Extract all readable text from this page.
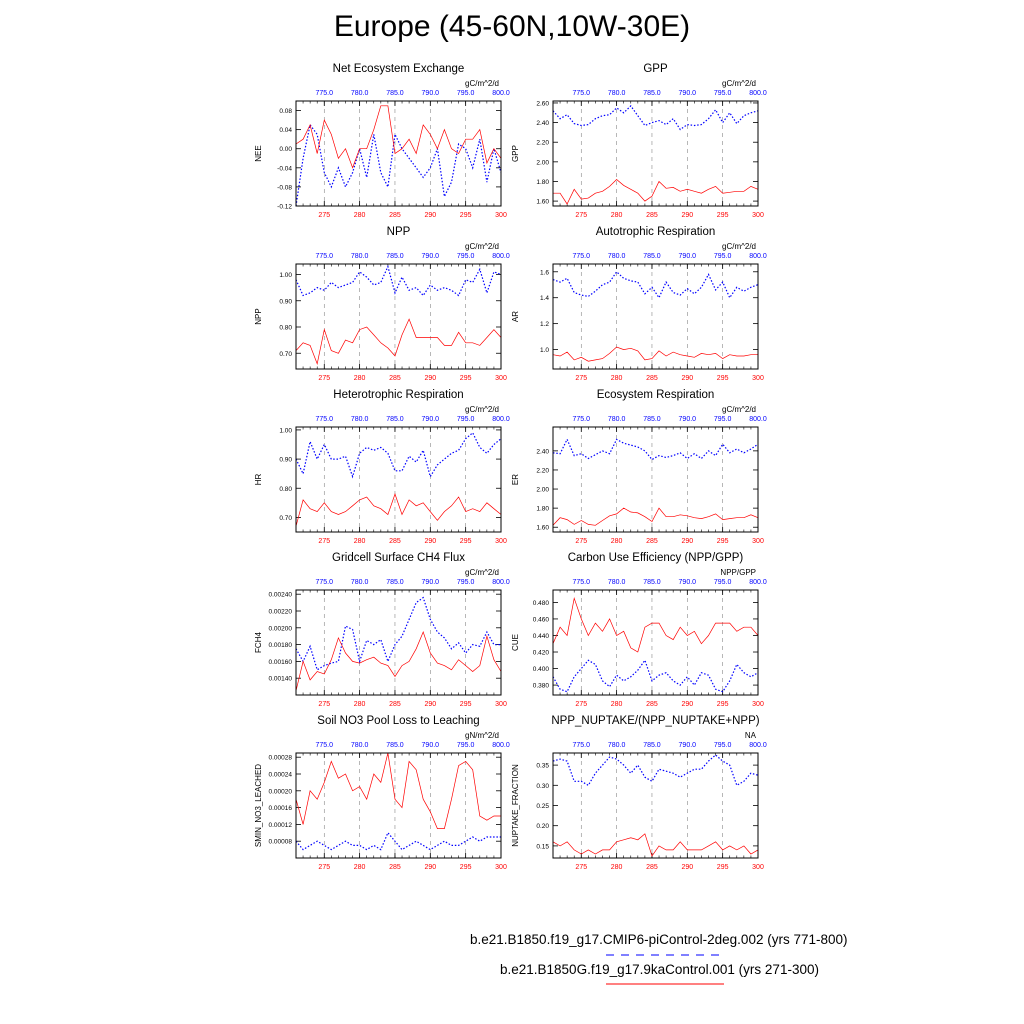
Europe (45-60N,10W-30E)
Net Ecosystem Exchange
gC/m^2/d
NEE
275	280	285	290	295	300
775.0	780.0	785.0	790.0	795.0	800.0
-0.12
-0.08
-0.04
0.00
0.04
0.08
GPP
gC/m^2/d
GPP
275	280	285	290	295	300
775.0	780.0	785.0	790.0	795.0	800.0
1.60
1.80
2.00
2.20
2.40
2.60
NPP
gC/m^2/d
NPP
275	280	285	290	295	300
775.0	780.0	785.0	790.0	795.0	800.0
0.70
0.80
0.90
1.00
Autotrophic Respiration
gC/m^2/d
AR
275	280	285	290	295	300
775.0	780.0	785.0	790.0	795.0	800.0
1.0
1.2
1.4
1.6
Heterotrophic Respiration
gC/m^2/d
HR
275	280	285	290	295	300
775.0	780.0	785.0	790.0	795.0	800.0
0.70
0.80
0.90
1.00
Ecosystem Respiration
gC/m^2/d
ER
275	280	285	290	295	300
775.0	780.0	785.0	790.0	795.0	800.0
1.60
1.80
2.00
2.20
2.40
Gridcell Surface CH4 Flux
gC/m^2/d
FCH4
275	280	285	290	295	300
775.0	780.0	785.0	790.0	795.0	800.0
0.00140
0.00160
0.00180
0.00200
0.00220
0.00240
Carbon Use Efficiency (NPP/GPP)
NPP/GPP
CUE
275	280	285	290	295	300
775.0	780.0	785.0	790.0	795.0	800.0
0.380
0.400
0.420
0.440
0.460
0.480
Soil NO3 Pool Loss to Leaching
gN/m^2/d
SMIN_NO3_LEACHED
275	280	285	290	295	300
775.0	780.0	785.0	790.0	795.0	800.0
0.00008
0.00012
0.00016
0.00020
0.00024
0.00028
NPP_NUPTAKE/(NPP_NUPTAKE+NPP)
NA
NUPTAKE_FRACTION
275	280	285	290	295	300
775.0	780.0	785.0	790.0	795.0	800.0
0.15
0.20
0.25
0.30
0.35
b.e21.B1850.f19_g17.CMIP6-piControl-2deg.002 (yrs 771-800)
b.e21.B1850G.f19_g17.9kaControl.001 (yrs 271-300)
